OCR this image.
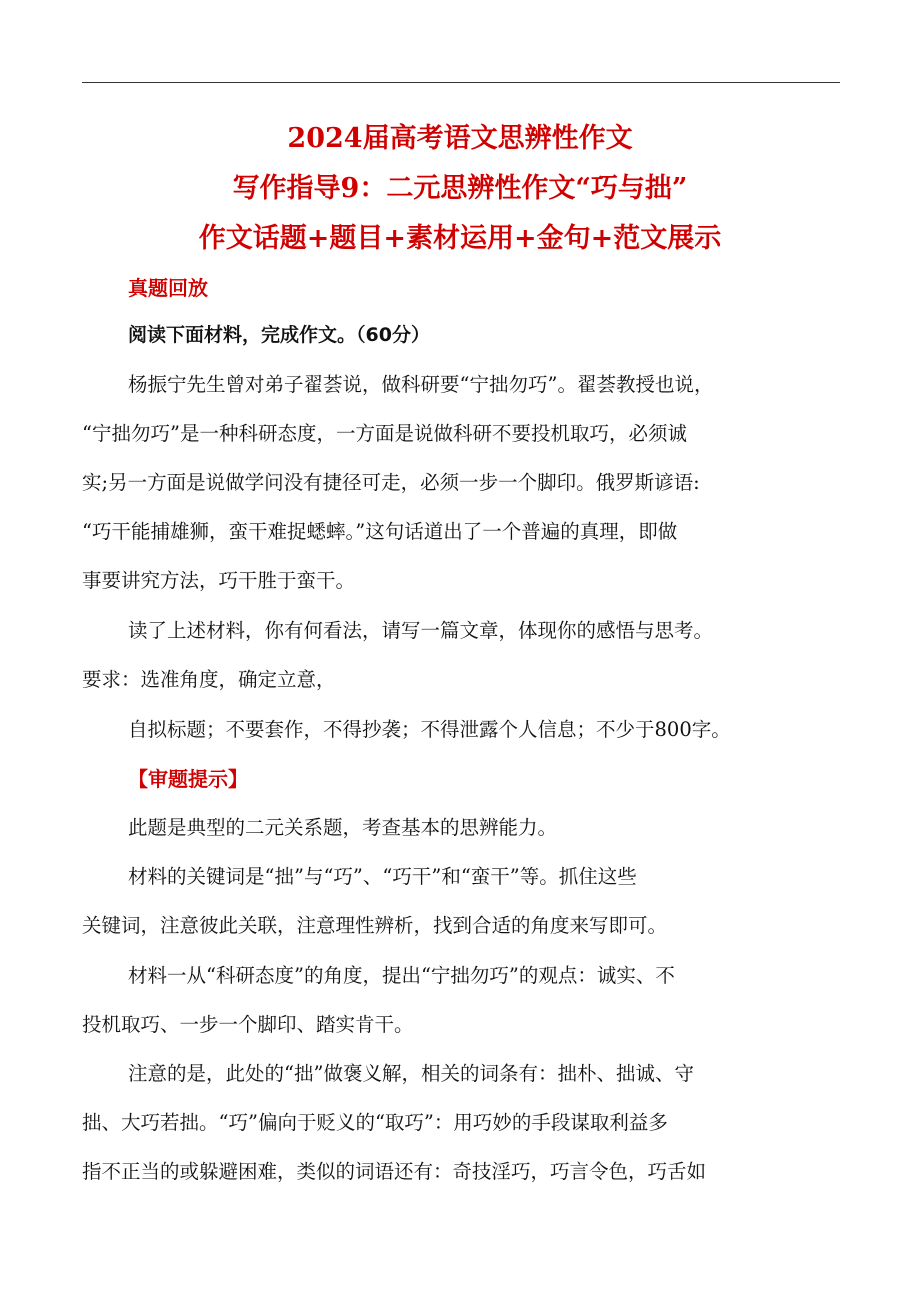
2024届高考语文思辨性作文
写作指导9：二元思辨性作文“巧与拙”
作文话题+题目+素材运用+金句+范文展示
真题回放
阅读下面材料，完成作文。（60分）
杨振宁先生曾对弟子翟荟说，做科研要“宁拙勿巧”。翟荟教授也说，
“宁拙勿巧”是一种科研态度，一方面是说做科研不要投机取巧，必须诚
实;另一方面是说做学问没有捷径可走，必须一步一个脚印。俄罗斯谚语:
“巧干能捕雄狮，蛮干难捉蟋蟀。”这句话道出了一个普遍的真理，即做
事要讲究方法，巧干胜于蛮干。
读了上述材料，你有何看法，请写一篇文章，体现你的感悟与思考。
要求：选准角度，确定立意，
自拟标题；不要套作，不得抄袭；不得泄露个人信息；不少于800字。
【审题提示】
此题是典型的二元关系题，考查基本的思辨能力。
材料的关键词是“拙”与“巧”、“巧干”和“蛮干”等。抓住这些
关键词，注意彼此关联，注意理性辨析，找到合适的角度来写即可。
材料一从“科研态度”的角度，提出“宁拙勿巧”的观点：诚实、不
投机取巧、一步一个脚印、踏实肯干。
注意的是，此处的“拙”做褒义解，相关的词条有：拙朴、拙诚、守
拙、大巧若拙。“巧”偏向于贬义的“取巧”：用巧妙的手段谋取利益多
指不正当的或躲避困难，类似的词语还有：奇技淫巧，巧言令色，巧舌如
